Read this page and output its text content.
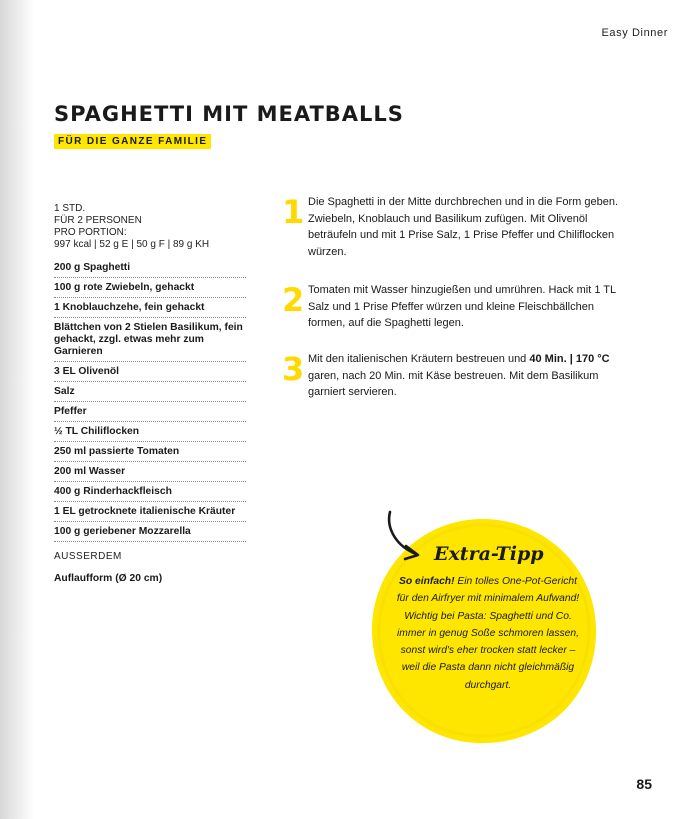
Easy Dinner
SPAGHETTI MIT MEATBALLS
FÜR DIE GANZE FAMILIE
1 STD.
FÜR 2 PERSONEN
PRO PORTION:
997 kcal | 52 g E | 50 g F | 89 g KH
200 g Spaghetti
100 g rote Zwiebeln, gehackt
1 Knoblauchzehe, fein gehackt
Blättchen von 2 Stielen Basilikum, fein gehackt, zzgl. etwas mehr zum Garnieren
3 EL Olivenöl
Salz
Pfeffer
½ TL Chiliflocken
250 ml passierte Tomaten
200 ml Wasser
400 g Rinderhackfleisch
1 EL getrocknete italienische Kräuter
100 g geriebener Mozzarella
AUSSERDEM
Auflaufform (Ø 20 cm)
1 Die Spaghetti in der Mitte durchbrechen und in die Form geben. Zwiebeln, Knoblauch und Basilikum zufügen. Mit Olivenöl beträufeln und mit 1 Prise Salz, 1 Prise Pfeffer und Chiliflocken würzen.
2 Tomaten mit Wasser hinzugießen und umrühren. Hack mit 1 TL Salz und 1 Prise Pfeffer würzen und kleine Fleischbällchen formen, auf die Spaghetti legen.
3 Mit den italienischen Kräutern bestreuen und 40 Min. | 170 °C garen, nach 20 Min. mit Käse bestreuen. Mit dem Basilikum garniert servieren.
Extra-Tipp
So einfach! Ein tolles One-Pot-Gericht für den Airfryer mit minimalem Aufwand! Wichtig bei Pasta: Spaghetti und Co. immer in genug Soße schmoren lassen, sonst wird's eher trocken statt lecker – weil die Pasta dann nicht gleichmäßig durchgart.
85
